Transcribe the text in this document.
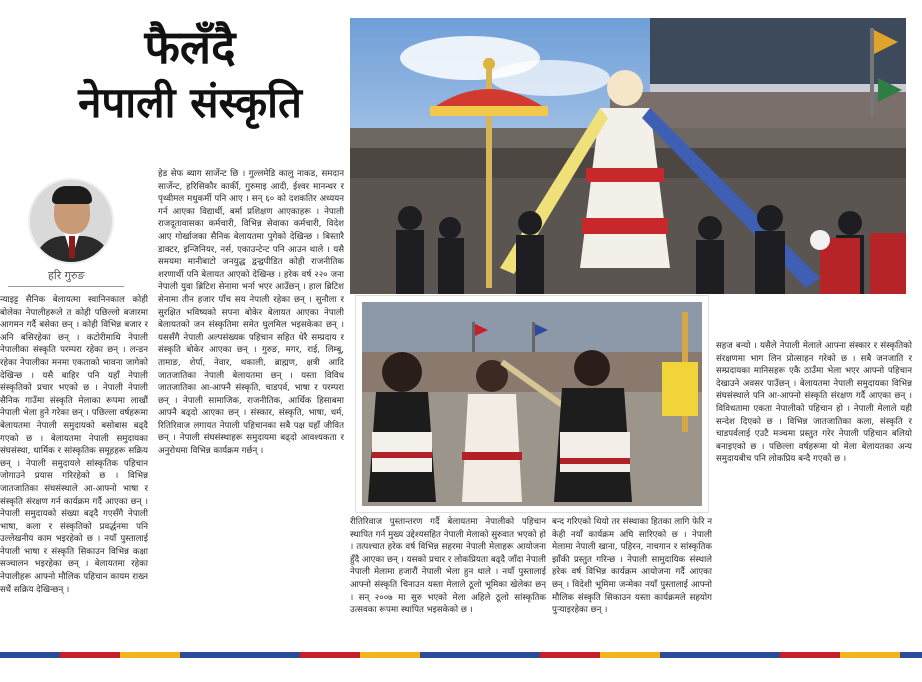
फैलँदै
नेपाली संस्कृति
हरि गुरुङ
न्याइट्ट सैनिक बेलायत्मा स्वानिनकाल कोही बोलेका नेपालीहरूले त कोही पछिल्लो बजारमा आगमन गर्दै बसेका छन् । कोही विभिन्न बजार र अनि बसिरहेका छन् । कटोरीमाथि नेपाली नेपालीका संस्कृति परम्परा रहेका छन् । लन्डन रहेका नेपालीका मनमा एकताको भावना जागेको देखिन्छ । यसै बाहिर पनि यहाँ नेपाली संस्कृतिको प्रचार भएको छ । नेपाली नेपाली सैनिक गाउँमा संस्कृति मेलाका रूपमा लाखौं नेपाली भेला हुने गरेका छन् । पछिल्ला वर्षहरूमा बेलायतमा नेपाली समुदायको बसोबास बढ्दै गएको छ । बेलायतमा नेपाली समुदायका संघसंस्था, धार्मिक र सांस्कृतिक समूहहरू सक्रिय छन् । नेपाली समुदायले सांस्कृतिक पहिचान जोगाउने प्रयास गरिरहेको छ । विभिन्न जातजातिका संघसंस्थाले आ-आफ्नो भाषा र संस्कृति संरक्षण गर्न कार्यक्रम गर्दै आएका छन् । नेपाली समुदायको संख्या बढ्दै गएसँगै नेपाली भाषा, कला र संस्कृतिको प्रवर्द्धनमा पनि उल्लेखनीय काम भइरहेको छ । नयाँ पुस्तालाई नेपाली भाषा र संस्कृति सिकाउन विभिन्न कक्षा सञ्चालन भइरहेका छन् । बेलायतमा रहेका नेपालीहरू आफ्नो मौलिक पहिचान कायम राख्न सधैं सक्रिय देखिन्छन् ।
हेड सेफ ब्याग सार्जेन्ट छि । गुल्लमेडि कालु नाकड, समदान सार्जेन्ट, हरिसिकौर कार्की, गुरुमाइ आदी, ईश्वर मानन्धर र पृथ्वीमल मधुकर्मी पनि आए । सन् ६० को दशकतिर अध्ययन गर्न आएका विद्यार्थी, बर्मा प्रशिक्षण आएकाहरू । नेपाली राजदूतावासका कर्मचारी, विभिन्न सेवाका कर्मचारी, विदेश आए गोर्खाजका सैनिक बेलायतमा पुगेको देखिन्छ । बिस्तारै डाक्टर, इन्जिनियर, नर्स, एकाउन्टेन्ट पनि आउन थाले । यसै समयमा मानीबाटो जनयुद्ध द्वन्द्वपीडित कोही राजनीतिक शरणार्थी पनि बेलायत आएको देखिन्छ । हरेक वर्ष २२० जना नेपाली युवा ब्रिटिश सेनामा भर्ना भएर आउँछन् । हाल ब्रिटिश सेनामा तीन हजार पाँच सय नेपाली रहेका छन् । सुनौला र सुरक्षित भविष्यको सपना बोकेर बेलायत आएका नेपाली बेलायतको जन संस्कृतिमा समेत घुलमिल भइसकेका छन् । यससँगै नेपाली अल्पसंख्यक पहिचान सहित धेरै सम्प्रदाय र संस्कृति बोकेर आएका छन् । गुरुङ, मगर, राई, लिम्बू, तामाङ, शेर्पा, नेवार, थकाली, ब्राह्मण, क्षत्री आदि जातजातिका नेपाली बेलायतमा छन् । यस्ता विविध जातजातिका आ-आफ्नै संस्कृति, चाडपर्व, भाषा र परम्परा छन् । नेपाली सामाजिक, राजनीतिक, आर्थिक हिसाबमा आफ्नै बढ्दो आएका छन् । संस्कार, संस्कृति, भाषा, धर्म, रितिरिवाज लगायत नेपाली पहिचानका सबै पक्ष यहाँ जीवित छन् । नेपाली संघसंस्थाहरू समुदायमा बढ्दो आवश्यकता र अनुरोधमा विभिन्न कार्यक्रम गर्छन् ।
रीतिरिवाज पुस्तान्तरण गर्दै बेलायतमा नेपालीको पहिचान स्थापित गर्न मुख्य उद्देश्यसहित नेपाली मेलाको सुरुवात भएको हो । तत्पश्चात हरेक वर्ष विभिन्न सहरमा नेपाली मेलाहरू आयोजना हुँदै आएका छन् । यसको प्रचार र लोकप्रियता बढ्दै जाँदा नेपाली नेपाली मेलामा हजारौं नेपाली भेला हुन थाले । नयाँ पुस्तालाई आफ्नो संस्कृति चिनाउन यस्ता मेलाले ठूलो भूमिका खेलेका छन् । सन् २००७ मा सुरु भएको मेला अहिले ठूलो सांस्कृतिक उत्सवका रूपमा स्थापित भइसकेको छ ।
बन्द गरिएको थियो तर संस्थाका हितका लागि फेरि न केही नयाँ कार्यक्रम अघि सारिएको छ । नेपाली मेलामा नेपाली खाना, पहिरन, नाचगान र सांस्कृतिक झाँकी प्रस्तुत गरिन्छ । नेपाली सामुदायिक संस्थाले हरेक वर्ष विभिन्न कार्यक्रम आयोजना गर्दै आएका छन् । विदेशी भूमिमा जन्मेका नयाँ पुस्तालाई आफ्नो मौलिक संस्कृति सिकाउन यस्ता कार्यक्रमले सहयोग पुर्‍याइरहेका छन् ।
सहज बन्यो । यसैले नेपाली मेलाले आफ्ना संस्कार र संस्कृतिको संरक्षणमा भाग लिन प्रोत्साहन गरेको छ । सबै जनजाति र सम्प्रदायका मानिसहरू एकै ठाउँमा भेला भएर आफ्नो पहिचान देखाउने अवसर पाउँछन् । बेलायतमा नेपाली समुदायका विभिन्न संघसंस्थाले पनि आ-आफ्नो संस्कृति संरक्षण गर्दै आएका छन् । विविधतामा एकता नेपालीको पहिचान हो । नेपाली मेलाले यही सन्देश दिएको छ । विभिन्न जातजातिका कला, संस्कृति र चाडपर्वलाई एउटै मञ्चमा प्रस्तुत गरेर नेपाली पहिचान बलियो बनाइएको छ । पछिल्ला वर्षहरूमा यो मेला बेलायतका अन्य समुदायबीच पनि लोकप्रिय बन्दै गएको छ ।
